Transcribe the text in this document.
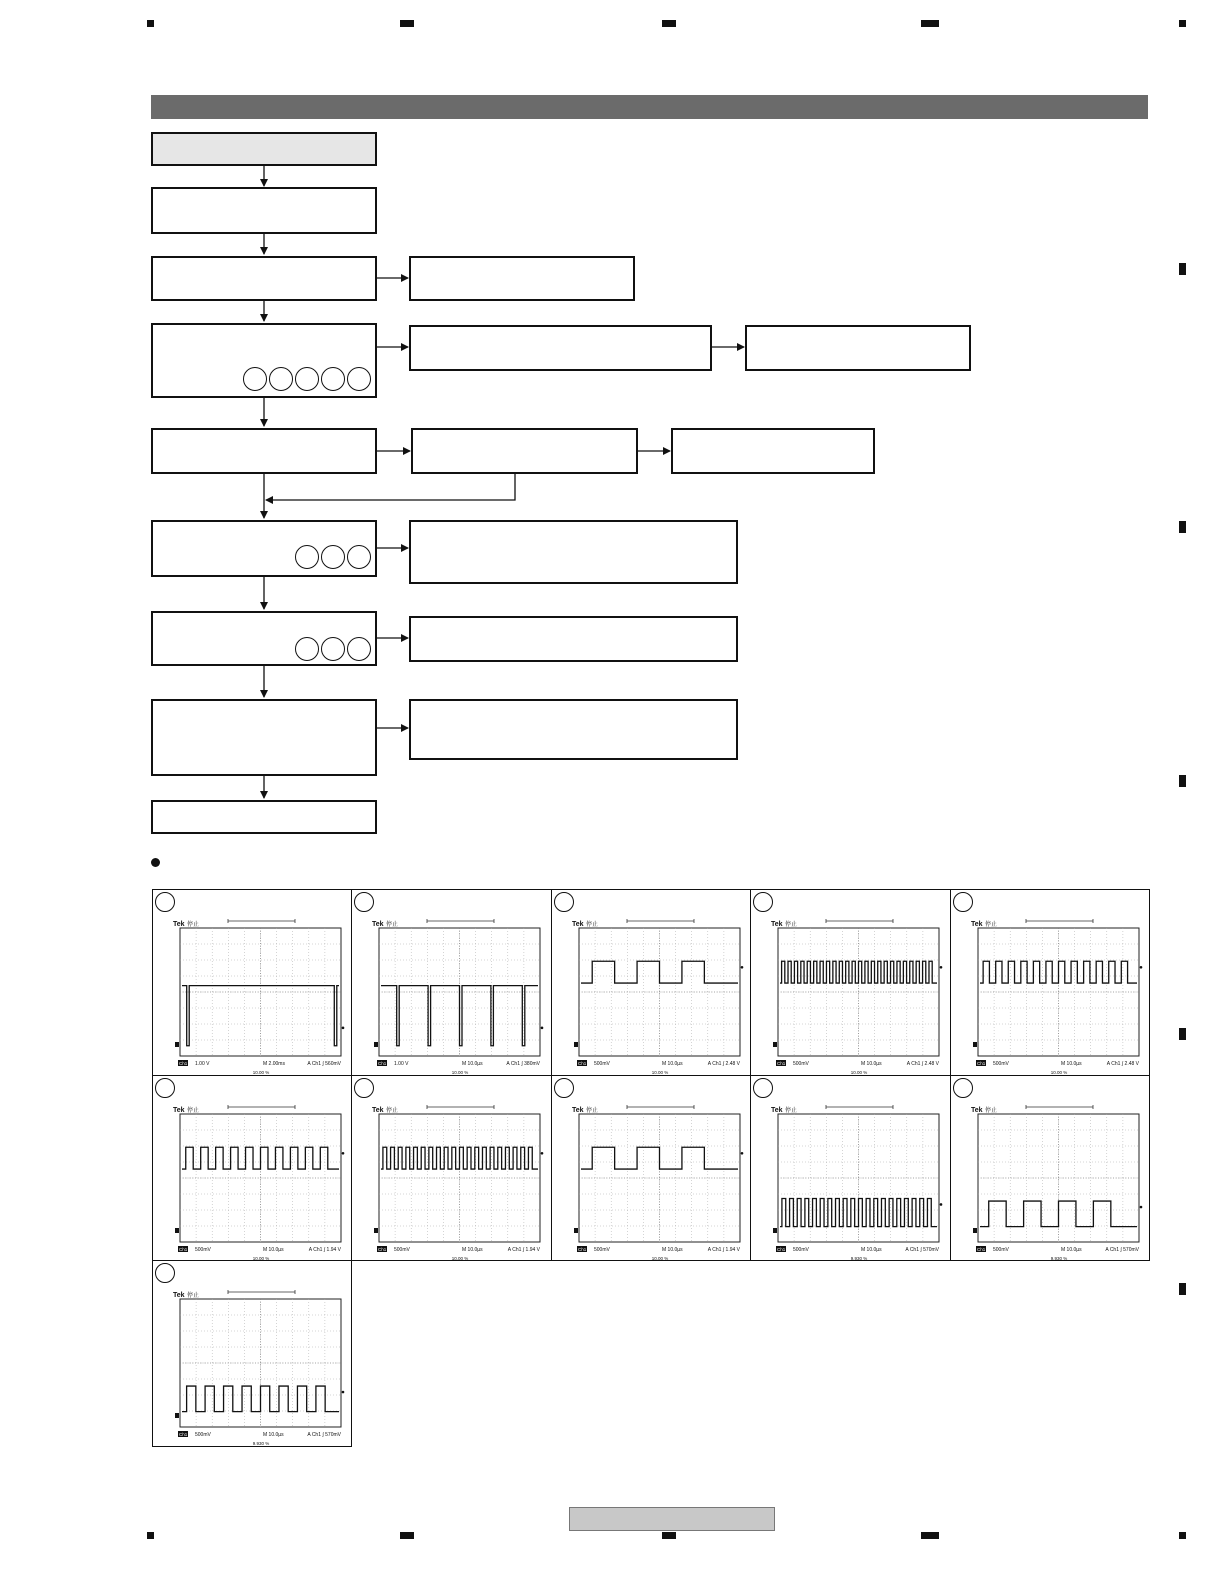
Tek 停止
Ch1 1.00 V	M 2.00ms	A Ch1 ∫ 560mV
10.00 %
Tek 停止
Ch1 1.00 V	M 10.0µs	A Ch1 ∫ 380mV
10.00 %
Tek 停止
Ch1 500mV	M 10.0µs	A Ch1 ∫ 2.48 V
10.00 %
Tek 停止
Ch1 500mV	M 10.0µs	A Ch1 ∫ 2.48 V
10.00 %
Tek 停止
Ch1 500mV	M 10.0µs	A Ch1 ∫ 2.48 V
10.00 %
Tek 停止
Ch1 500mV	M 10.0µs	A Ch1 ∫ 1.94 V
10.00 %
Tek 停止
Ch1 500mV	M 10.0µs	A Ch1 ∫ 1.94 V
10.00 %
Tek 停止
Ch1 500mV	M 10.0µs	A Ch1 ∫ 1.94 V
10.00 %
Tek 停止
Ch1 500mV	M 10.0µs	A Ch1 ∫ 570mV
9.930 %
Tek 停止
Ch1 500mV	M 10.0µs	A Ch1 ∫ 570mV
9.930 %
Tek 停止
Ch1 500mV	M 10.0µs	A Ch1 ∫ 570mV
9.930 %
